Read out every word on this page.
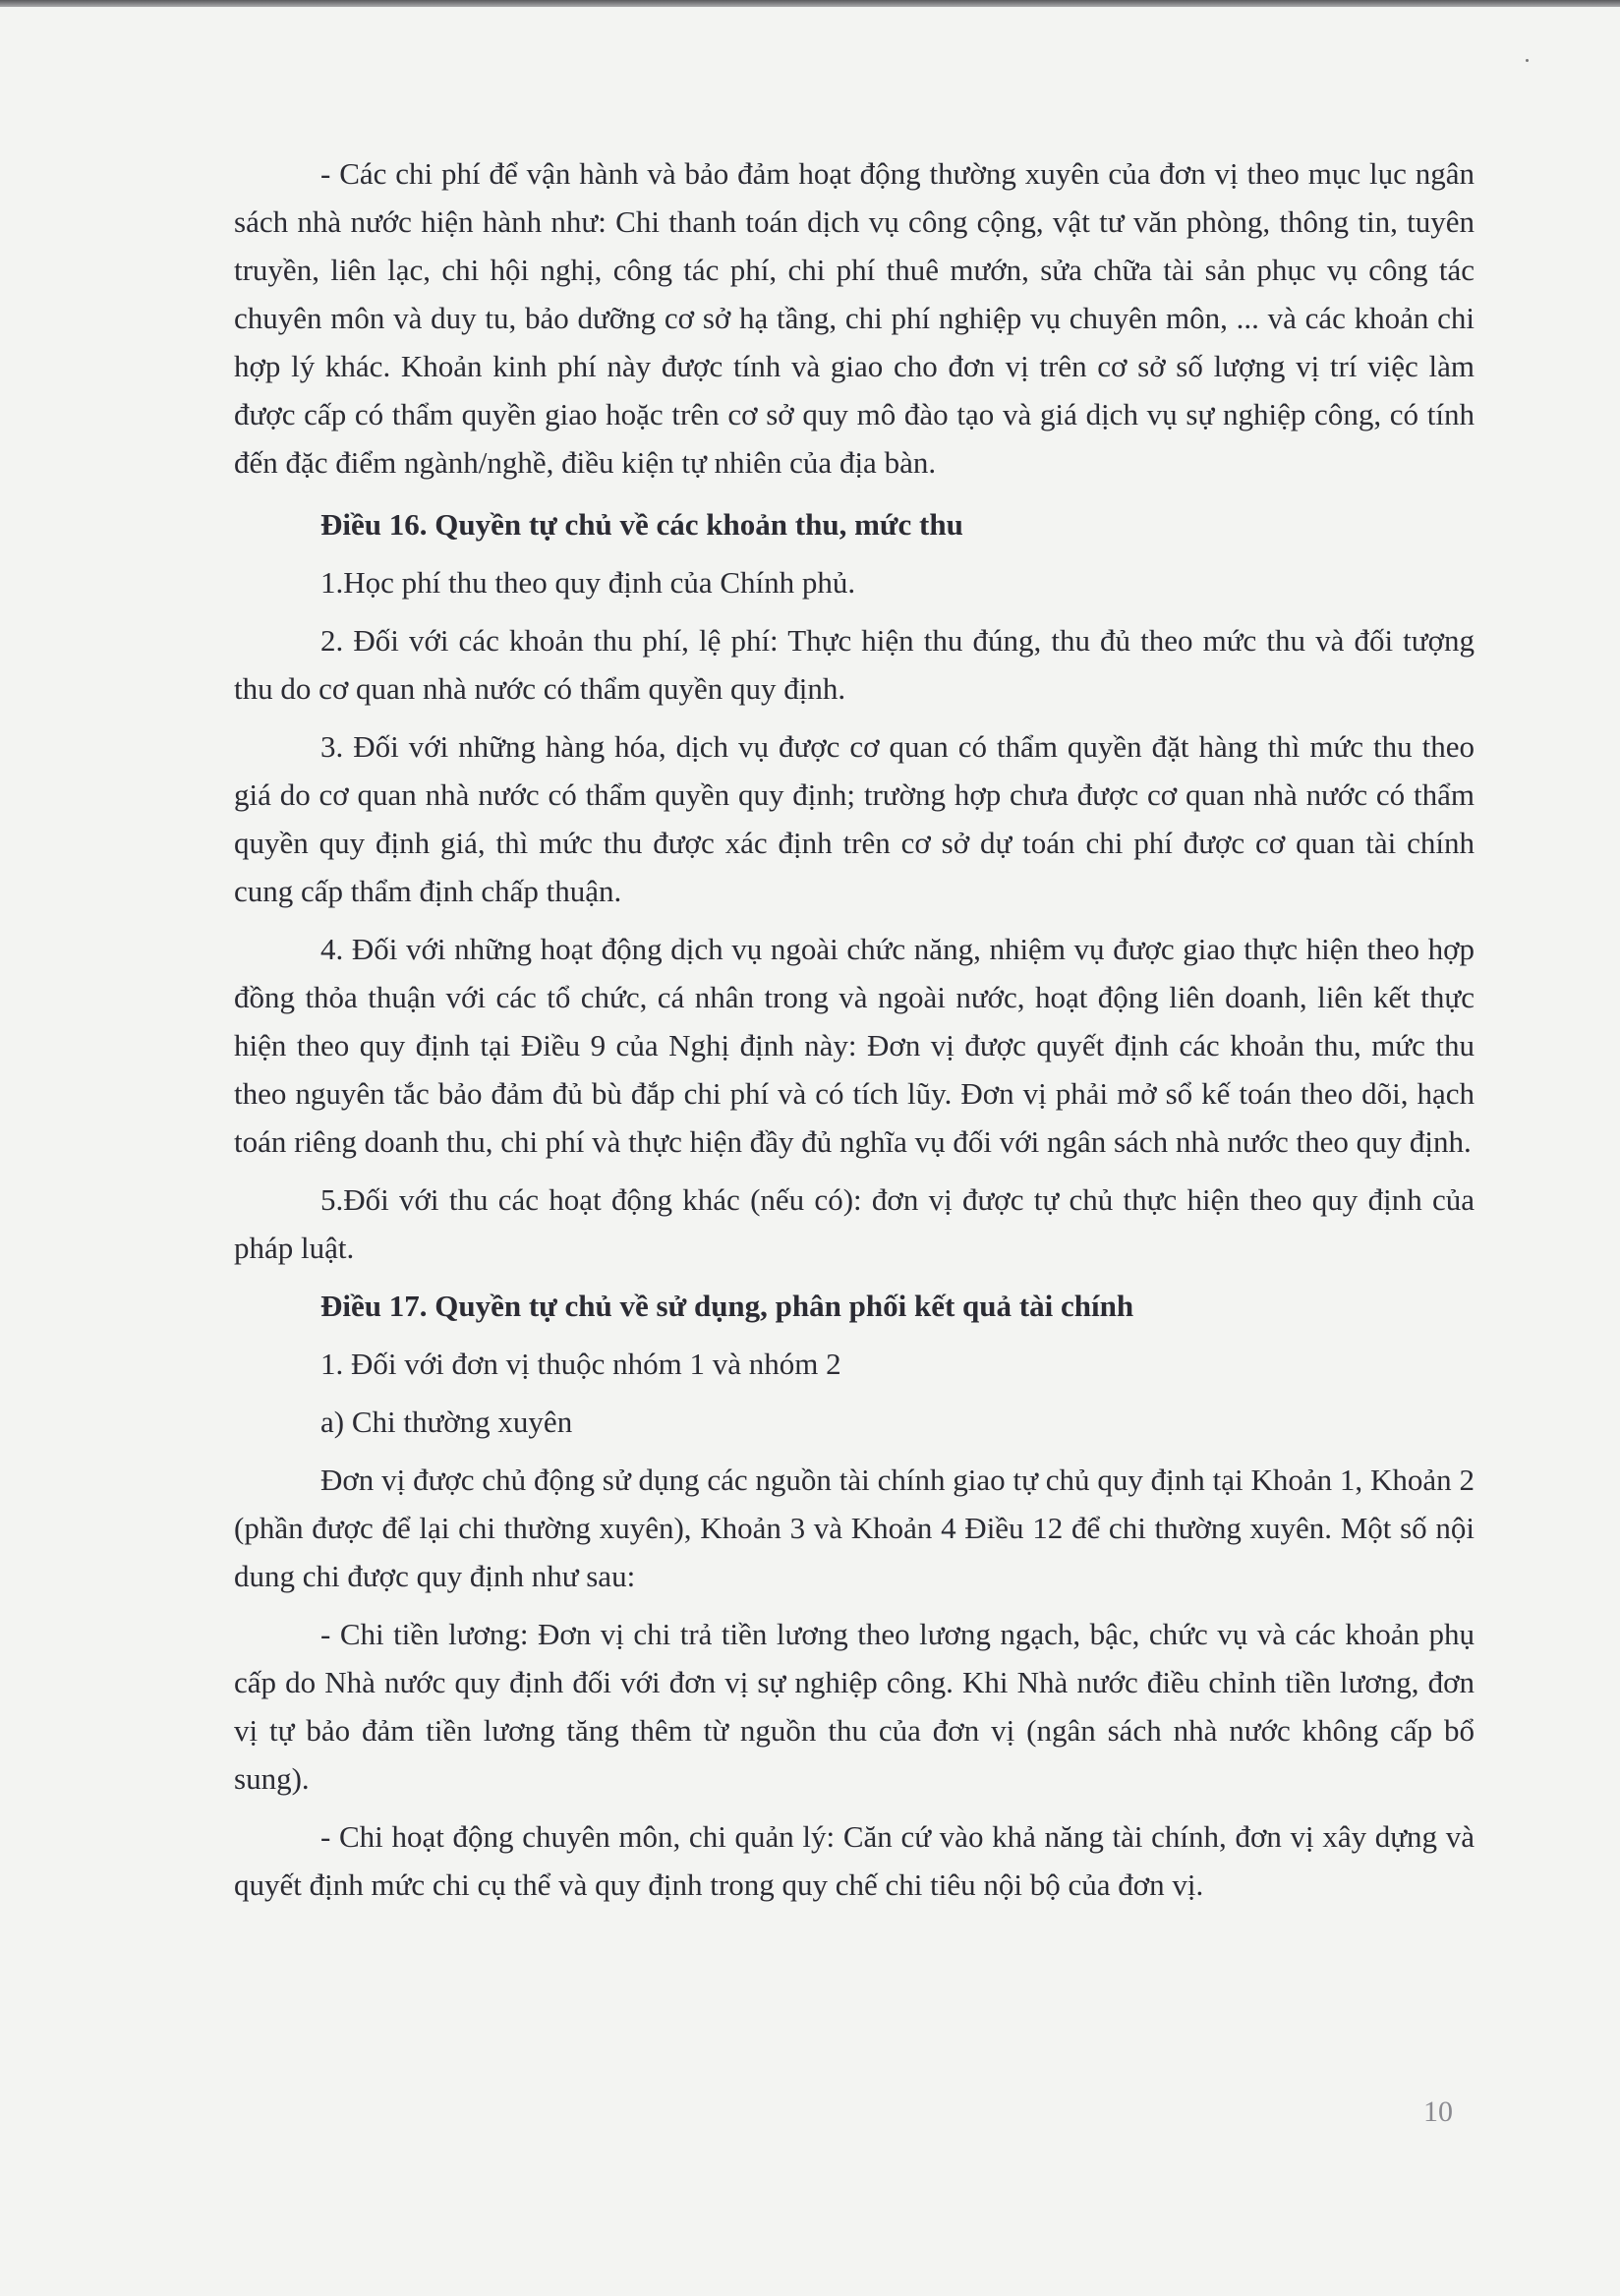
- Các chi phí để vận hành và bảo đảm hoạt động thường xuyên của đơn vị theo mục lục ngân sách nhà nước hiện hành như: Chi thanh toán dịch vụ công cộng, vật tư văn phòng, thông tin, tuyên truyền, liên lạc, chi hội nghị, công tác phí, chi phí thuê mướn, sửa chữa tài sản phục vụ công tác chuyên môn và duy tu, bảo dưỡng cơ sở hạ tầng, chi phí nghiệp vụ chuyên môn, ... và các khoản chi hợp lý khác. Khoản kinh phí này được tính và giao cho đơn vị trên cơ sở số lượng vị trí việc làm được cấp có thẩm quyền giao hoặc trên cơ sở quy mô đào tạo và giá dịch vụ sự nghiệp công, có tính đến đặc điểm ngành/nghề, điều kiện tự nhiên của địa bàn.

Điều 16. Quyền tự chủ về các khoản thu, mức thu

1.Học phí thu theo quy định của Chính phủ.

2. Đối với các khoản thu phí, lệ phí: Thực hiện thu đúng, thu đủ theo mức thu và đối tượng thu do cơ quan nhà nước có thẩm quyền quy định.

3. Đối với những hàng hóa, dịch vụ được cơ quan có thẩm quyền đặt hàng thì mức thu theo giá do cơ quan nhà nước có thẩm quyền quy định; trường hợp chưa được cơ quan nhà nước có thẩm quyền quy định giá, thì mức thu được xác định trên cơ sở dự toán chi phí được cơ quan tài chính cung cấp thẩm định chấp thuận.

4. Đối với những hoạt động dịch vụ ngoài chức năng, nhiệm vụ được giao thực hiện theo hợp đồng thỏa thuận với các tổ chức, cá nhân trong và ngoài nước, hoạt động liên doanh, liên kết thực hiện theo quy định tại Điều 9 của Nghị định này: Đơn vị được quyết định các khoản thu, mức thu theo nguyên tắc bảo đảm đủ bù đắp chi phí và có tích lũy. Đơn vị phải mở sổ kế toán theo dõi, hạch toán riêng doanh thu, chi phí và thực hiện đầy đủ nghĩa vụ đối với ngân sách nhà nước theo quy định.

5.Đối với thu các hoạt động khác (nếu có): đơn vị được tự chủ thực hiện theo quy định của pháp luật.

Điều 17. Quyền tự chủ về sử dụng, phân phối kết quả tài chính

1. Đối với đơn vị thuộc nhóm 1 và nhóm 2

a) Chi thường xuyên

Đơn vị được chủ động sử dụng các nguồn tài chính giao tự chủ quy định tại Khoản 1, Khoản 2 (phần được để lại chi thường xuyên), Khoản 3 và Khoản 4 Điều 12 để chi thường xuyên. Một số nội dung chi được quy định như sau:

- Chi tiền lương: Đơn vị chi trả tiền lương theo lương ngạch, bậc, chức vụ và các khoản phụ cấp do Nhà nước quy định đối với đơn vị sự nghiệp công. Khi Nhà nước điều chỉnh tiền lương, đơn vị tự bảo đảm tiền lương tăng thêm từ nguồn thu của đơn vị (ngân sách nhà nước không cấp bổ sung).

- Chi hoạt động chuyên môn, chi quản lý: Căn cứ vào khả năng tài chính, đơn vị xây dựng và quyết định mức chi cụ thể và quy định trong quy chế chi tiêu nội bộ của đơn vị.

10
